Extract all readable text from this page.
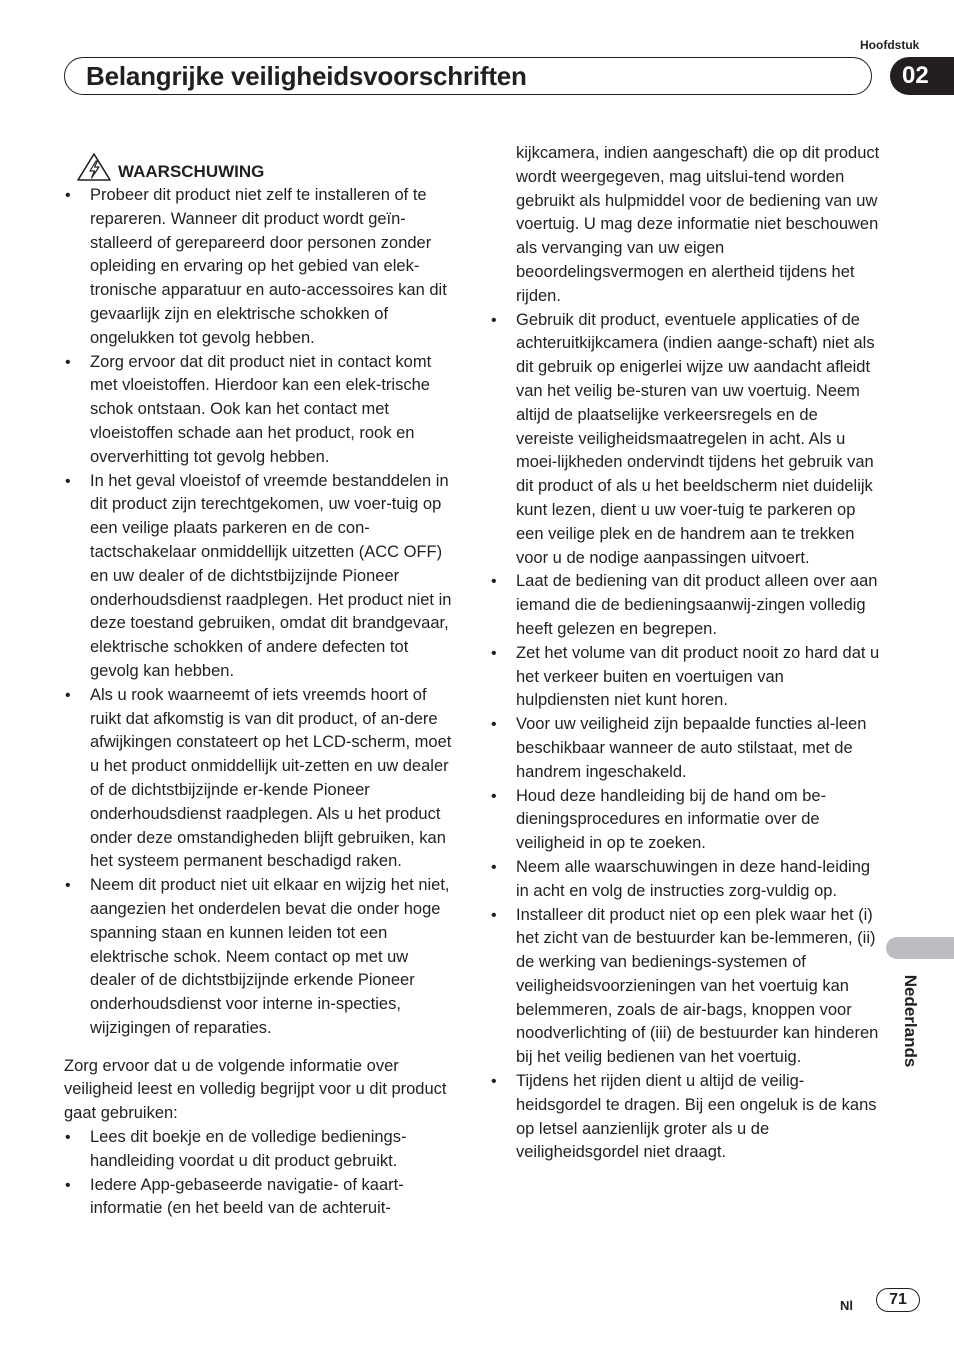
Hoofdstuk
Belangrijke veiligheidsvoorschriften	02
WAARSCHUWING
• Probeer dit product niet zelf te installeren of te repareren. Wanneer dit product wordt geïn-stalleerd of gerepareerd door personen zonder opleiding en ervaring op het gebied van elek-tronische apparatuur en auto-accessoires kan dit gevaarlijk zijn en elektrische schokken of ongelukken tot gevolg hebben.
• Zorg ervoor dat dit product niet in contact komt met vloeistoffen. Hierdoor kan een elek-trische schok ontstaan. Ook kan het contact met vloeistoffen schade aan het product, rook en oververhitting tot gevolg hebben.
• In het geval vloeistof of vreemde bestanddelen in dit product zijn terechtgekomen, uw voer-tuig op een veilige plaats parkeren en de con-tactschakelaar onmiddellijk uitzetten (ACC OFF) en uw dealer of de dichtstbijzijnde Pioneer onderhoudsdienst raadplegen. Het product niet in deze toestand gebruiken, omdat dit brandgevaar, elektrische schokken of andere defecten tot gevolg kan hebben.
• Als u rook waarneemt of iets vreemds hoort of ruikt dat afkomstig is van dit product, of an-dere afwijkingen constateert op het LCD-scherm, moet u het product onmiddellijk uit-zetten en uw dealer of de dichtstbijzijnde er-kende Pioneer onderhoudsdienst raadplegen. Als u het product onder deze omstandigheden blijft gebruiken, kan het systeem permanent beschadigd raken.
• Neem dit product niet uit elkaar en wijzig het niet, aangezien het onderdelen bevat die onder hoge spanning staan en kunnen leiden tot een elektrische schok. Neem contact op met uw dealer of de dichtstbijzijnde erkende Pioneer onderhoudsdienst voor interne in-specties, wijzigingen of reparaties.

Zorg ervoor dat u de volgende informatie over veiligheid leest en volledig begrijpt voor u dit product gaat gebruiken:

• Lees dit boekje en de volledige bedienings-handleiding voordat u dit product gebruikt.
• Iedere App-gebaseerde navigatie- of kaart-informatie (en het beeld van de achteruit-
kijkcamera, indien aangeschaft) die op dit product wordt weergegeven, mag uitslui-tend worden gebruikt als hulpmiddel voor de bediening van uw voertuig. U mag deze informatie niet beschouwen als vervanging van uw eigen beoordelingsvermogen en alertheid tijdens het rijden.
• Gebruik dit product, eventuele applicaties of de achteruitkijkcamera (indien aange-schaft) niet als dit gebruik op enigerlei wijze uw aandacht afleidt van het veilig be-sturen van uw voertuig. Neem altijd de plaatselijke verkeersregels en de vereiste veiligheidsmaatregelen in acht. Als u moei-lijkheden ondervindt tijdens het gebruik van dit product of als u het beeldscherm niet duidelijk kunt lezen, dient u uw voer-tuig te parkeren op een veilige plek en de handrem aan te trekken voor u de nodige aanpassingen uitvoert.
• Laat de bediening van dit product alleen over aan iemand die de bedieningsaanwij-zingen volledig heeft gelezen en begrepen.
• Zet het volume van dit product nooit zo hard dat u het verkeer buiten en voertuigen van hulpdiensten niet kunt horen.
• Voor uw veiligheid zijn bepaalde functies al-leen beschikbaar wanneer de auto stilstaat, met de handrem ingeschakeld.
• Houd deze handleiding bij de hand om be-dieningsprocedures en informatie over de veiligheid in op te zoeken.
• Neem alle waarschuwingen in deze hand-leiding in acht en volg de instructies zorg-vuldig op.
• Installeer dit product niet op een plek waar het (i) het zicht van de bestuurder kan be-lemmeren, (ii) de werking van bedienings-systemen of veiligheidsvoorzieningen van het voertuig kan belemmeren, zoals de air-bags, knoppen voor noodverlichting of (iii) de bestuurder kan hinderen bij het veilig bedienen van het voertuig.
• Tijdens het rijden dient u altijd de veilig-heidsgordel te dragen. Bij een ongeluk is de kans op letsel aanzienlijk groter als u de veiligheidsgordel niet draagt.
Nederlands
Nl	71
